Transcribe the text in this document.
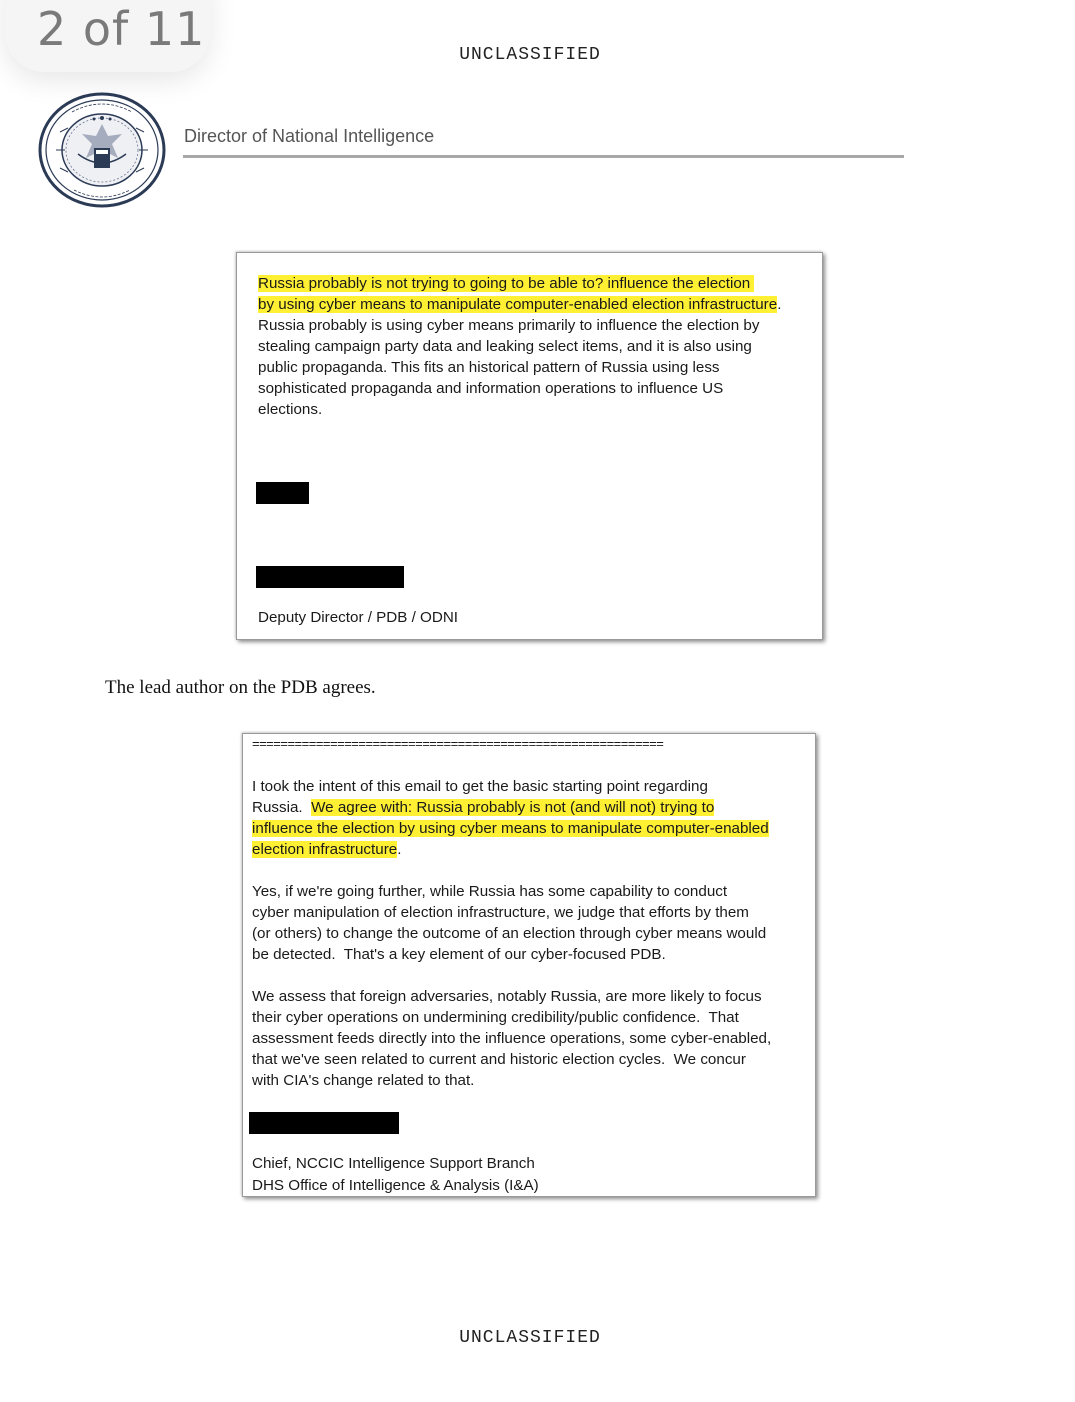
2 of 11	UNCLASSIFIED
Director of National Intelligence
Russia probably is not trying to going to be able to? influence the election
by using cyber means to manipulate computer-enabled election infrastructure.
Russia probably is using cyber means primarily to influence the election by
stealing campaign party data and leaking select items, and it is also using
public propaganda. This fits an historical pattern of Russia using less
sophisticated propaganda and information operations to influence US
elections.
Deputy Director / PDB / ODNI
The lead author on the PDB agrees.
==========================================================
I took the intent of this email to get the basic starting point regarding
Russia.  We agree with: Russia probably is not (and will not) trying to
influence the election by using cyber means to manipulate computer-enabled
election infrastructure.
Yes, if we're going further, while Russia has some capability to conduct
cyber manipulation of election infrastructure, we judge that efforts by them
(or others) to change the outcome of an election through cyber means would
be detected.  That's a key element of our cyber-focused PDB.
We assess that foreign adversaries, notably Russia, are more likely to focus
their cyber operations on undermining credibility/public confidence.  That
assessment feeds directly into the influence operations, some cyber-enabled,
that we've seen related to current and historic election cycles.  We concur
with CIA's change related to that.
Chief, NCCIC Intelligence Support Branch
DHS Office of Intelligence & Analysis (I&A)
UNCLASSIFIED
